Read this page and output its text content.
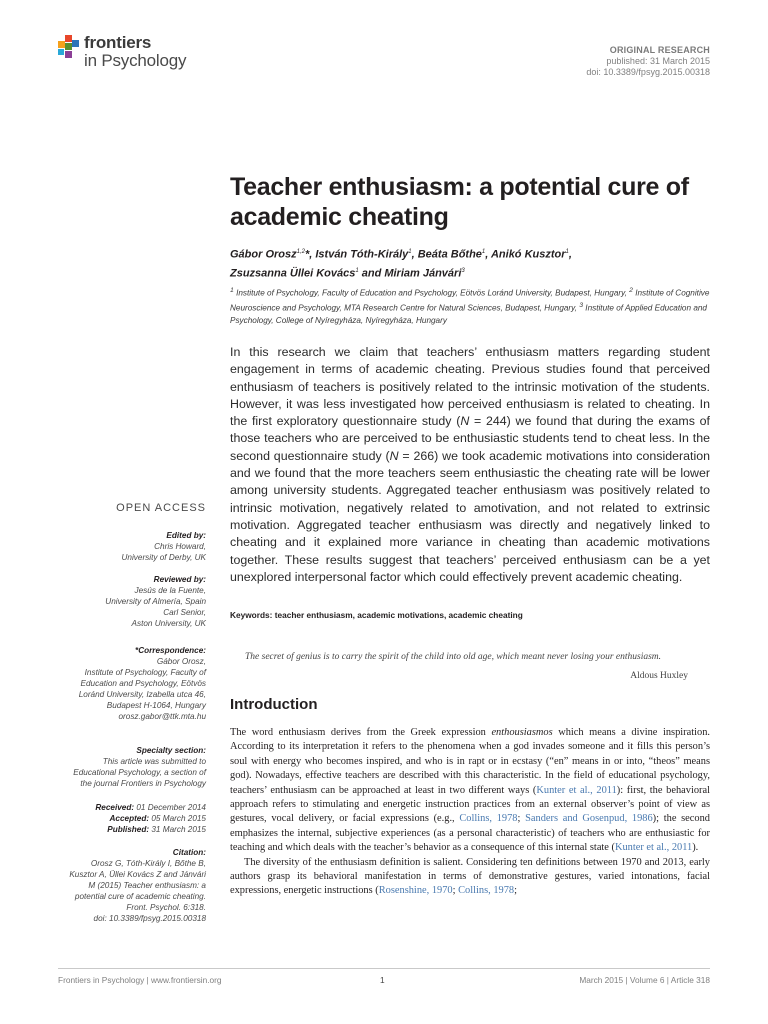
frontiers
in Psychology
ORIGINAL RESEARCH
published: 31 March 2015
doi: 10.3389/fpsyg.2015.00318
Teacher enthusiasm: a potential cure of academic cheating
Gábor Orosz$^{1,2}$*, István Tóth-Király$^1$, Beáta Bőthe$^1$, Anikó Kusztor$^1$,
Zsuzsanna Üllei Kovács$^1$ and Miriam Jánvári$^3$
$^1$ Institute of Psychology, Faculty of Education and Psychology, Eötvös Loránd University, Budapest, Hungary, $^2$ Institute of Cognitive Neuroscience and Psychology, MTA Research Centre for Natural Sciences, Budapest, Hungary, $^3$ Institute of Applied Education and Psychology, College of Nyíregyháza, Nyíregyháza, Hungary
In this research we claim that teachers’ enthusiasm matters regarding student engagement in terms of academic cheating. Previous studies found that perceived enthusiasm of teachers is positively related to the intrinsic motivation of the students. However, it was less investigated how perceived enthusiasm is related to cheating. In the first exploratory questionnaire study (N = 244) we found that during the exams of those teachers who are perceived to be enthusiastic students tend to cheat less. In the second questionnaire study (N = 266) we took academic motivations into consideration and we found that the more teachers seem enthusiastic the cheating rate will be lower among university students. Aggregated teacher enthusiasm was positively related to intrinsic motivation, negatively related to amotivation, and not related to extrinsic motivation. Aggregated teacher enthusiasm was directly and negatively linked to cheating and it explained more variance in cheating than academic motivations together. These results suggest that teachers’ perceived enthusiasm can be a yet unexplored interpersonal factor which could effectively prevent academic cheating.
Keywords: teacher enthusiasm, academic motivations, academic cheating
OPEN ACCESS
Edited by:
Chris Howard,
University of Derby, UK
Reviewed by:
Jesús de la Fuente,
University of Almería, Spain
Carl Senior,
Aston University, UK
*Correspondence:
Gábor Orosz,
Institute of Psychology, Faculty of
Education and Psychology, Eötvös
Loránd University, Izabella utca 46,
Budapest H-1064, Hungary
orosz.gabor@ttk.mta.hu
Specialty section:
This article was submitted to
Educational Psychology, a section of
the journal Frontiers in Psychology
Received: 01 December 2014
Accepted: 05 March 2015
Published: 31 March 2015
Citation:
Orosz G, Tóth-Király I, Bőthe B,
Kusztor A, Üllei Kovács Z and Jánvári
M (2015) Teacher enthusiasm: a
potential cure of academic cheating.
Front. Psychol. 6:318.
doi: 10.3389/fpsyg.2015.00318
The secret of genius is to carry the spirit of the child into old age, which meant never losing your enthusiasm.
Aldous Huxley
Introduction

The word enthusiasm derives from the Greek expression enthousiasmos which means a divine inspiration. According to its interpretation it refers to the phenomena when a god invades someone and it fills this person’s soul with energy who becomes inspired, and who is in rapt or in ecstasy (“en” means in or into, “theos” means god). Nowadays, effective teachers are described with this characteristic. In the field of educational psychology, teachers’ enthusiasm can be approached at least in two different ways (Kunter et al., 2011): first, the behavioral approach refers to stimulating and energetic instruction practices from an external observer’s point of view as gestures, vocal delivery, or facial expressions (e.g., Collins, 1978; Sanders and Gosenpud, 1986); the second emphasizes the internal, subjective experiences (as a personal characteristic) of teachers who are enthusiastic for teaching and which deals with the teacher’s behavior as a consequence of this internal state (Kunter et al., 2011).

The diversity of the enthusiasm definition is salient. Considering ten definitions between 1970 and 2013, early authors grasp its behavioral manifestation in terms of demonstrative gestures, varied intonations, facial expressions, energetic instructions (Rosenshine, 1970; Collins, 1978;

Frontiers in Psychology | www.frontiersin.org	1	March 2015 | Volume 6 | Article 318
